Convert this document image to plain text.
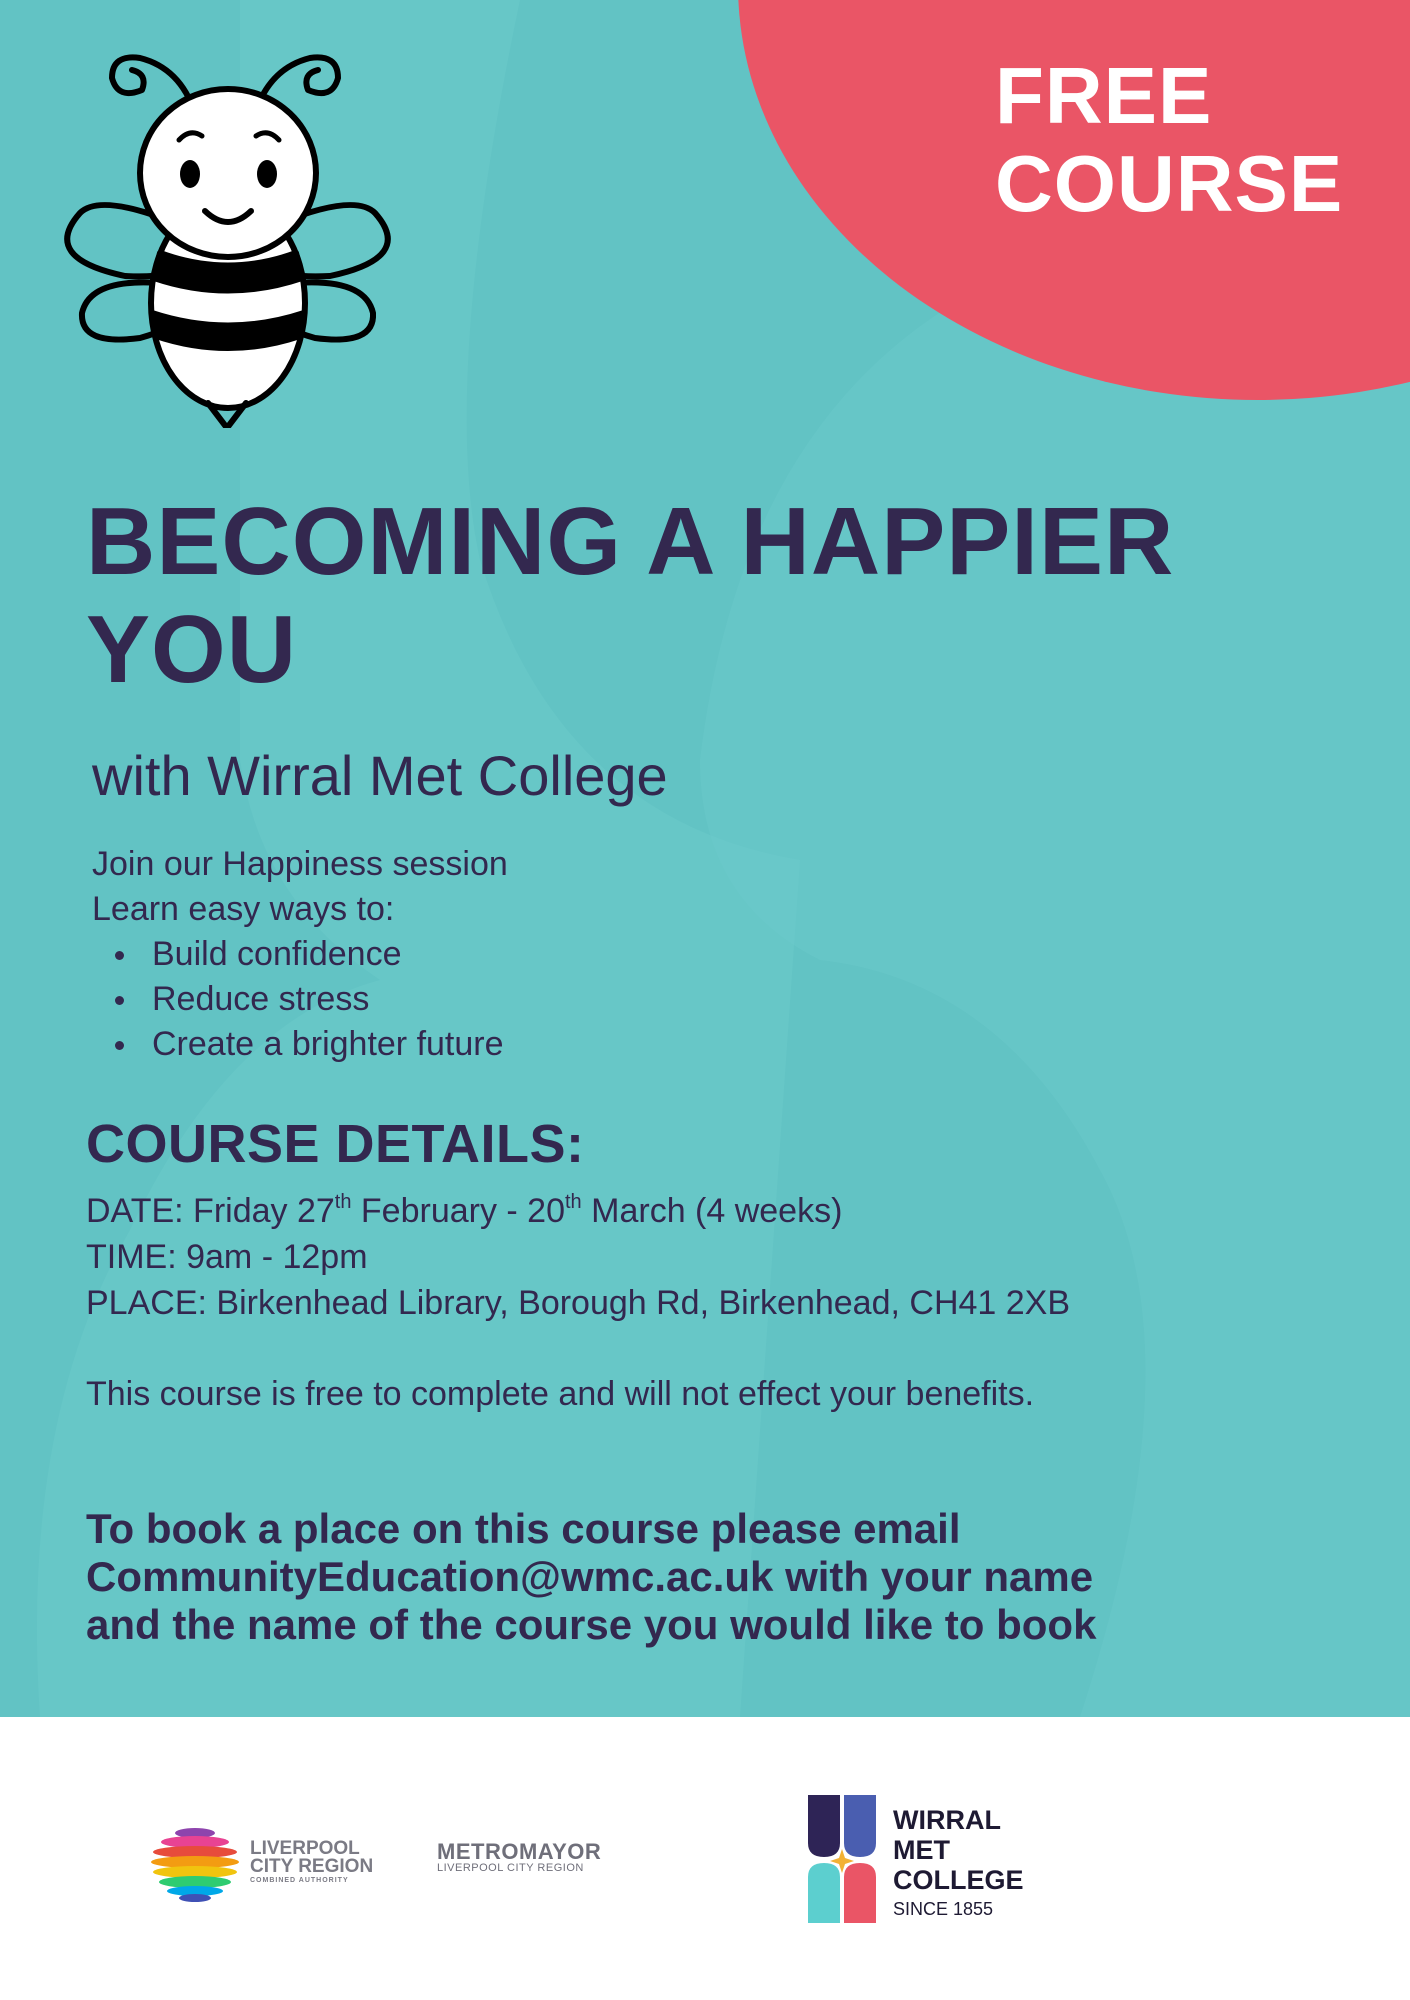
FREE
COURSE
BECOMING A HAPPIER
YOU
with Wirral Met College
Join our Happiness session
Learn easy ways to:
Build confidence
Reduce stress
Create a brighter future
COURSE DETAILS:
DATE: Friday 27th February - 20th March (4 weeks)
TIME: 9am - 12pm
PLACE: Birkenhead Library, Borough Rd, Birkenhead, CH41 2XB
This course is free to complete and will not effect your benefits.
To book a place on this course please email
CommunityEducation@wmc.ac.uk with your name
and the name of the course you would like to book
LIVERPOOL
CITY REGION
COMBINED AUTHORITY
METROMAYOR
LIVERPOOL CITY REGION
WIRRAL
MET
COLLEGE
SINCE 1855
